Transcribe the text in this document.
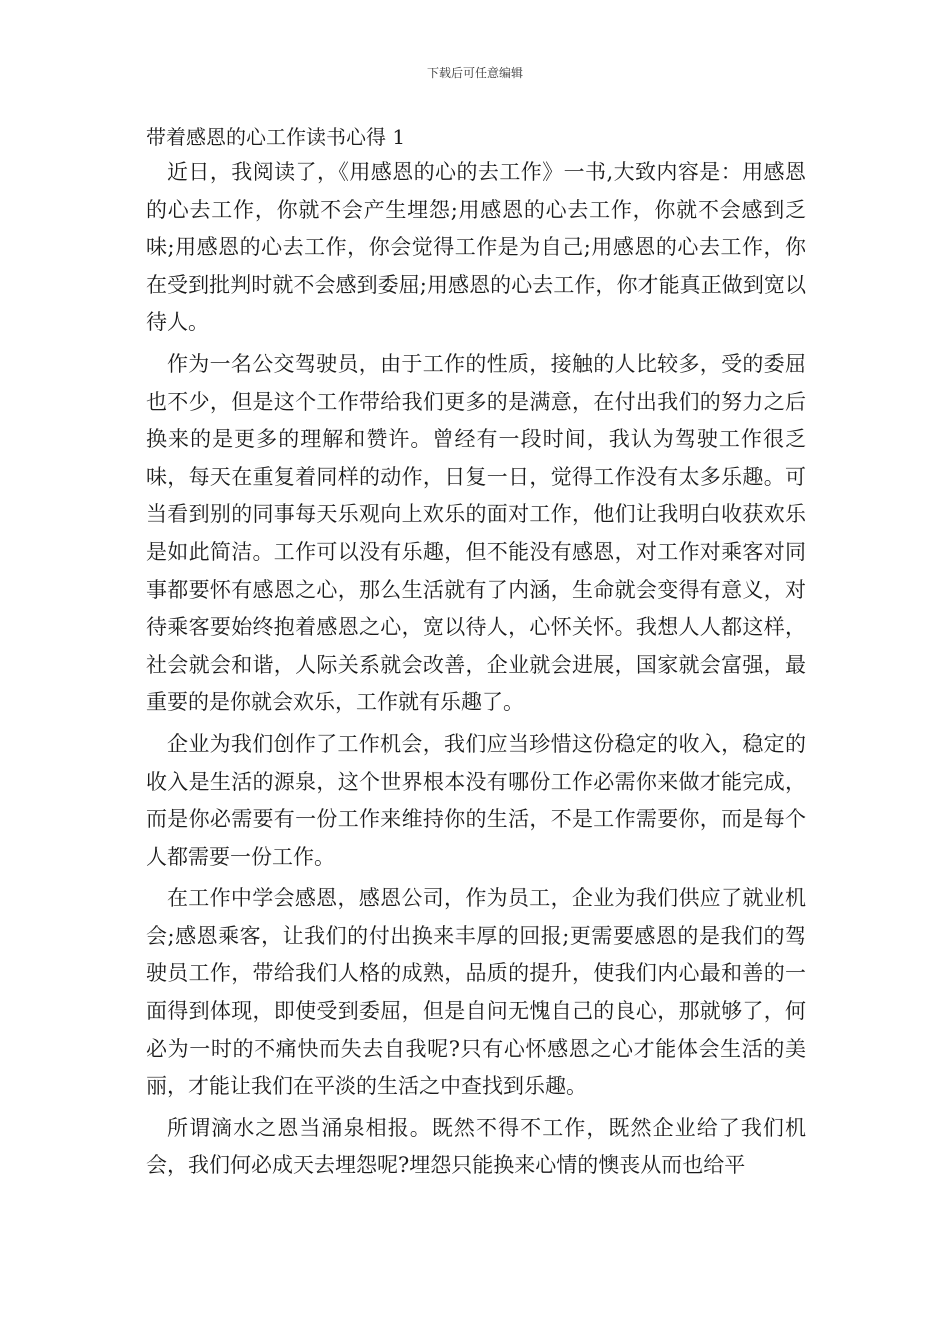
下载后可任意编辑
带着感恩的心工作读书心得 1

近日，我阅读了，《用感恩的心的去工作》一书,大致内容是：用感恩的心去工作，你就不会产生埋怨;用感恩的心去工作，你就不会感到乏味;用感恩的心去工作，你会觉得工作是为自己;用感恩的心去工作，你在受到批判时就不会感到委屈;用感恩的心去工作，你才能真正做到宽以待人。

作为一名公交驾驶员，由于工作的性质，接触的人比较多，受的委屈也不少，但是这个工作带给我们更多的是满意，在付出我们的努力之后换来的是更多的理解和赞许。曾经有一段时间，我认为驾驶工作很乏味，每天在重复着同样的动作，日复一日，觉得工作没有太多乐趣。可当看到别的同事每天乐观向上欢乐的面对工作，他们让我明白收获欢乐是如此简洁。工作可以没有乐趣，但不能没有感恩，对工作对乘客对同事都要怀有感恩之心，那么生活就有了内涵，生命就会变得有意义，对待乘客要始终抱着感恩之心，宽以待人，心怀关怀。我想人人都这样，社会就会和谐，人际关系就会改善，企业就会进展，国家就会富强，最重要的是你就会欢乐，工作就有乐趣了。

企业为我们创作了工作机会，我们应当珍惜这份稳定的收入，稳定的收入是生活的源泉，这个世界根本没有哪份工作必需你来做才能完成，而是你必需要有一份工作来维持你的生活，不是工作需要你，而是每个人都需要一份工作。

在工作中学会感恩，感恩公司，作为员工，企业为我们供应了就业机会;感恩乘客，让我们的付出换来丰厚的回报;更需要感恩的是我们的驾驶员工作，带给我们人格的成熟，品质的提升，使我们内心最和善的一面得到体现，即使受到委屈，但是自问无愧自己的良心，那就够了，何必为一时的不痛快而失去自我呢?只有心怀感恩之心才能体会生活的美丽，才能让我们在平淡的生活之中查找到乐趣。

所谓滴水之恩当涌泉相报。既然不得不工作，既然企业给了我们机会，我们何必成天去埋怨呢?埋怨只能换来心情的懊丧从而也给平
